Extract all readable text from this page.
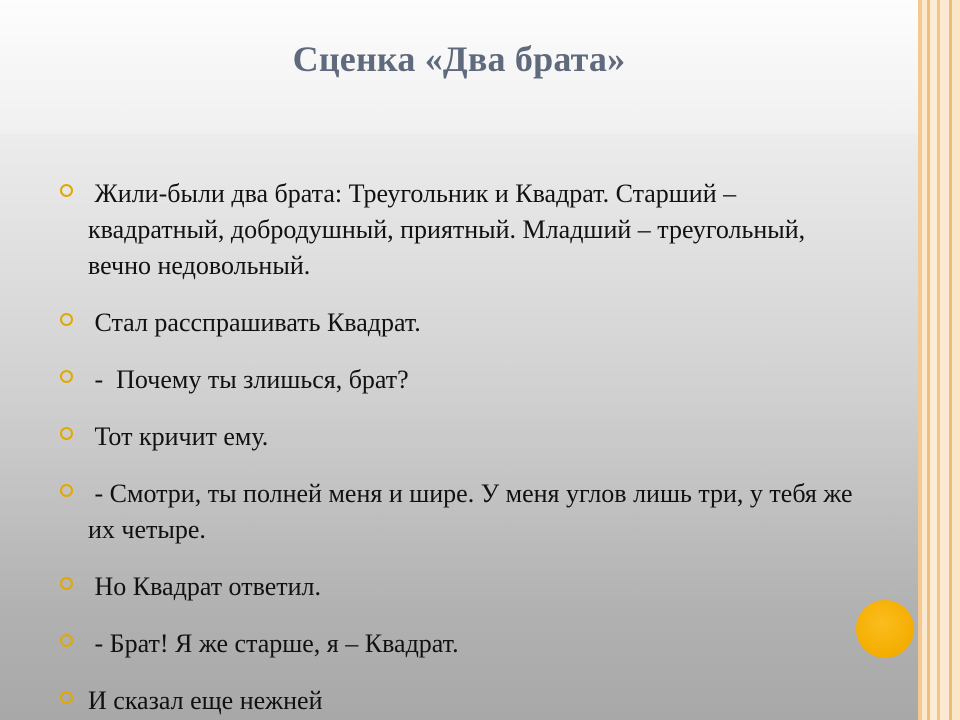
Сценка «Два брата»
Жили-были два брата: Треугольник и Квадрат. Старший – квадратный, добродушный, приятный. Младший – треугольный, вечно недовольный.
Стал расспрашивать Квадрат.
-  Почему ты злишься, брат?
Тот кричит ему.
- Смотри, ты полней меня и шире. У меня углов лишь три, у тебя же их четыре.
Но Квадрат ответил.
- Брат! Я же старше, я – Квадрат.
И сказал еще нежней
